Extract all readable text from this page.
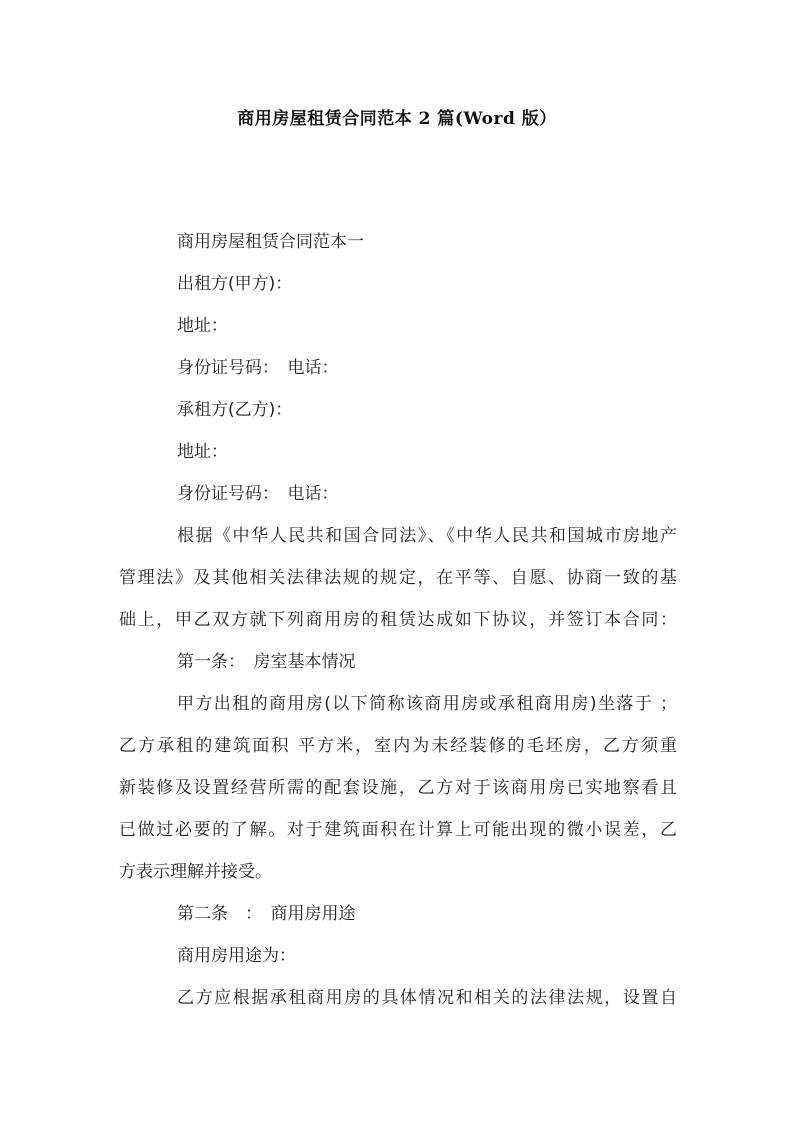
商用房屋租赁合同范本 2 篇(Word 版）
商用房屋租赁合同范本一
出租方(甲方)：
地址：
身份证号码：　电话：
承租方(乙方)：
地址：
身份证号码：　电话：
根据《中华人民共和国合同法》、《中华人民共和国城市房地产
管理法》及其他相关法律法规的规定，在平等、自愿、协商一致的基
础上，甲乙双方就下列商用房的租赁达成如下协议，并签订本合同：
第一条：　房室基本情况
甲方出租的商用房(以下简称该商用房或承租商用房)坐落于 ；
乙方承租的建筑面积 平方米，室内为未经装修的毛坯房，乙方须重
新装修及设置经营所需的配套设施，乙方对于该商用房已实地察看且
已做过必要的了解。对于建筑面积在计算上可能出现的微小误差，乙
方表示理解并接受。
第二条　：　商用房用途
商用房用途为：
乙方应根据承租商用房的具体情况和相关的法律法规，设置自
